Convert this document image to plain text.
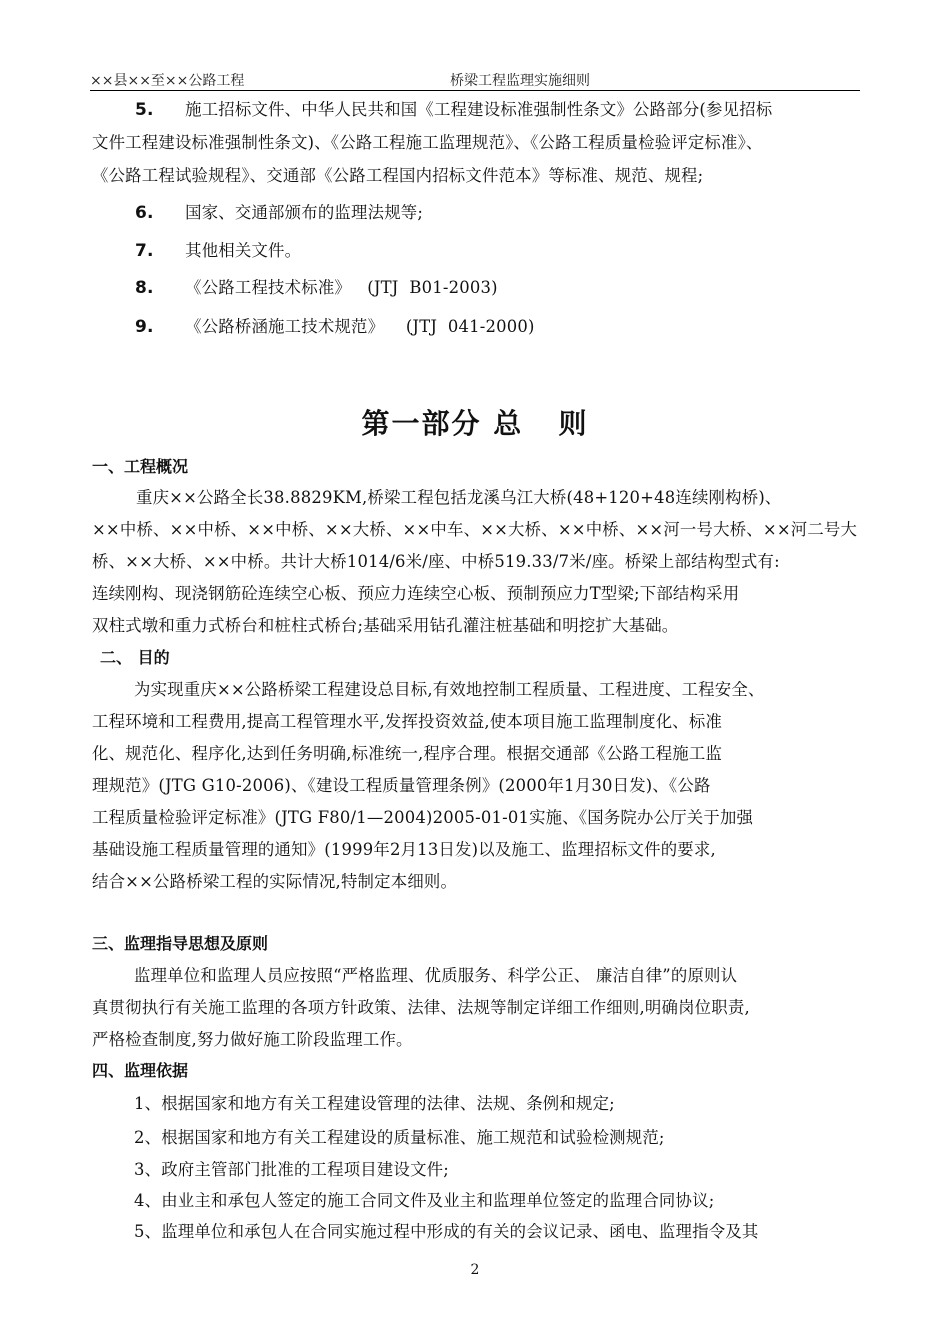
××县××至××公路工程	桥梁工程监理实施细则
5. 施工招标文件、中华人民共和国《工程建设标准强制性条文》公路部分(参见招标
文件工程建设标准强制性条文)、《公路工程施工监理规范》、《公路工程质量检验评定标准》、
《公路工程试验规程》、交通部《公路工程国内招标文件范本》等标准、规范、规程;
6. 国家、交通部颁布的监理法规等;
7. 其他相关文件。
8. 《公路工程技术标准》   (JTJ  B01-2003)
9. 《公路桥涵施工技术规范》    (JTJ  041-2000)
第一部分 总   则
一、工程概况
重庆××公路全长38.8829KM,桥梁工程包括龙溪乌江大桥(48+120+48连续刚构桥)、
××中桥、××中桥、××中桥、××大桥、××中车、××大桥、××中桥、××河一号大桥、××河二号大
桥、××大桥、××中桥。共计大桥1014/6米/座、中桥519.33/7米/座。桥梁上部结构型式有:
连续刚构、现浇钢筋砼连续空心板、预应力连续空心板、预制预应力T型梁;下部结构采用
双柱式墩和重力式桥台和桩柱式桥台;基础采用钻孔灌注桩基础和明挖扩大基础。
二、 目的
为实现重庆××公路桥梁工程建设总目标,有效地控制工程质量、工程进度、工程安全、
工程环境和工程费用,提高工程管理水平,发挥投资效益,使本项目施工监理制度化、标准
化、规范化、程序化,达到任务明确,标准统一,程序合理。根据交通部《公路工程施工监
理规范》(JTG G10-2006)、《建设工程质量管理条例》(2000年1月30日发)、《公路
工程质量检验评定标准》(JTG F80/1—2004)2005-01-01实施、《国务院办公厅关于加强
基础设施工程质量管理的通知》(1999年2月13日发)以及施工、监理招标文件的要求,
结合××公路桥梁工程的实际情况,特制定本细则。
三、监理指导思想及原则
监理单位和监理人员应按照“严格监理、优质服务、科学公正、 廉洁自律”的原则认
真贯彻执行有关施工监理的各项方针政策、法律、法规等制定详细工作细则,明确岗位职责,
严格检查制度,努力做好施工阶段监理工作。
四、监理依据
1、根据国家和地方有关工程建设管理的法律、法规、条例和规定;
2、根据国家和地方有关工程建设的质量标准、施工规范和试验检测规范;
3、政府主管部门批准的工程项目建设文件;
4、由业主和承包人签定的施工合同文件及业主和监理单位签定的监理合同协议;
5、监理单位和承包人在合同实施过程中形成的有关的会议记录、函电、监理指令及其
2
